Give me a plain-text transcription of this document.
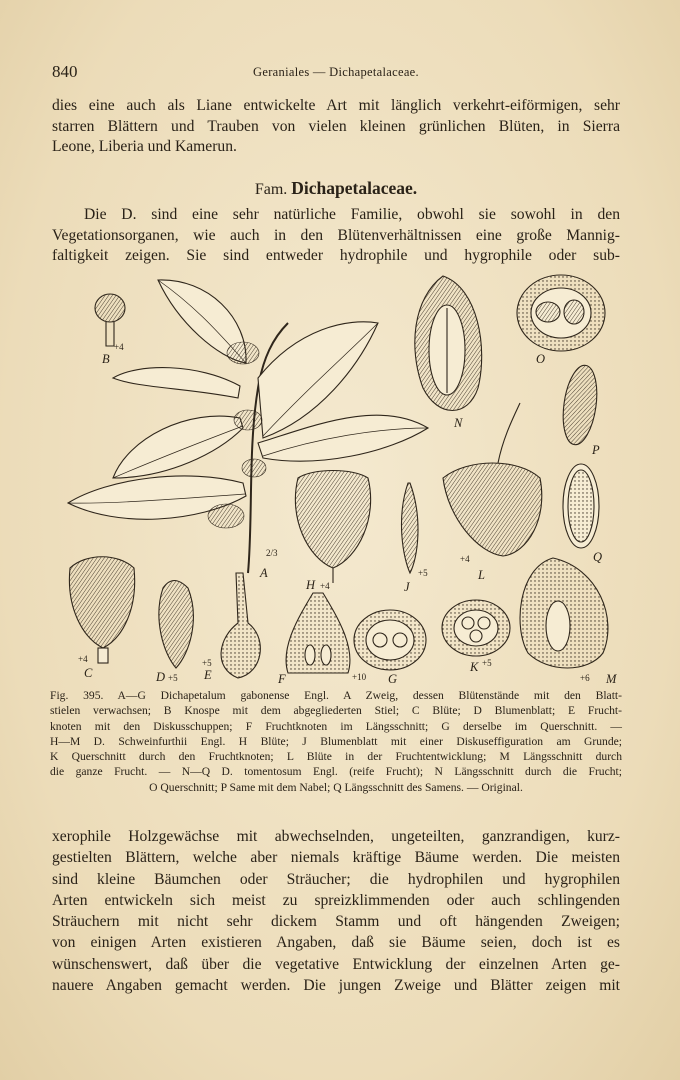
840	Geraniales — Dichapetalaceae.
dies eine auch als Liane entwickelte Art mit länglich verkehrt-eiförmigen, sehr
starren Blättern und Trauben von vielen kleinen grünlichen Blüten, in Sierra
Leone, Liberia und Kamerun.
Fam. Dichapetalaceae.
Die D. sind eine sehr natürliche Familie, obwohl sie sowohl in den
Vegetationsorganen, wie auch in den Blütenverhältnissen eine große Mannig-
faltigkeit zeigen. Sie sind entweder hydrophile und hygrophile oder sub-
B
+4
A
2/3
N
O
P
Q
H +4	J
+5	L
+4
C
+4
D +5 E
+5
F	+10 G
K +5
M
+6
Fig. 395. A—G Dichapetalum gabonense Engl. A Zweig, dessen Blütenstände mit den Blatt-
stielen verwachsen; B Knospe mit dem abgegliederten Stiel; C Blüte; D Blumenblatt; E Frucht-
knoten mit den Diskusschuppen; F Fruchtknoten im Längsschnitt; G derselbe im Querschnitt. —
H—M D. Schweinfurthii Engl. H Blüte; J Blumenblatt mit einer Diskuseffiguration am Grunde;
K Querschnitt durch den Fruchtknoten; L Blüte in der Fruchtentwicklung; M Längsschnitt durch
die ganze Frucht. — N—Q D. tomentosum Engl. (reife Frucht); N Längsschnitt durch die Frucht;
O Querschnitt; P Same mit dem Nabel; Q Längsschnitt des Samens. — Original.
xerophile Holzgewächse mit abwechselnden, ungeteilten, ganzrandigen, kurz-
gestielten Blättern, welche aber niemals kräftige Bäume werden. Die meisten
sind kleine Bäumchen oder Sträucher; die hydrophilen und hygrophilen
Arten entwickeln sich meist zu spreizklimmenden oder auch schlingenden
Sträuchern mit nicht sehr dickem Stamm und oft hängenden Zweigen;
von einigen Arten existieren Angaben, daß sie Bäume seien, doch ist es
wünschenswert, daß über die vegetative Entwicklung der einzelnen Arten ge-
nauere Angaben gemacht werden. Die jungen Zweige und Blätter zeigen mit
